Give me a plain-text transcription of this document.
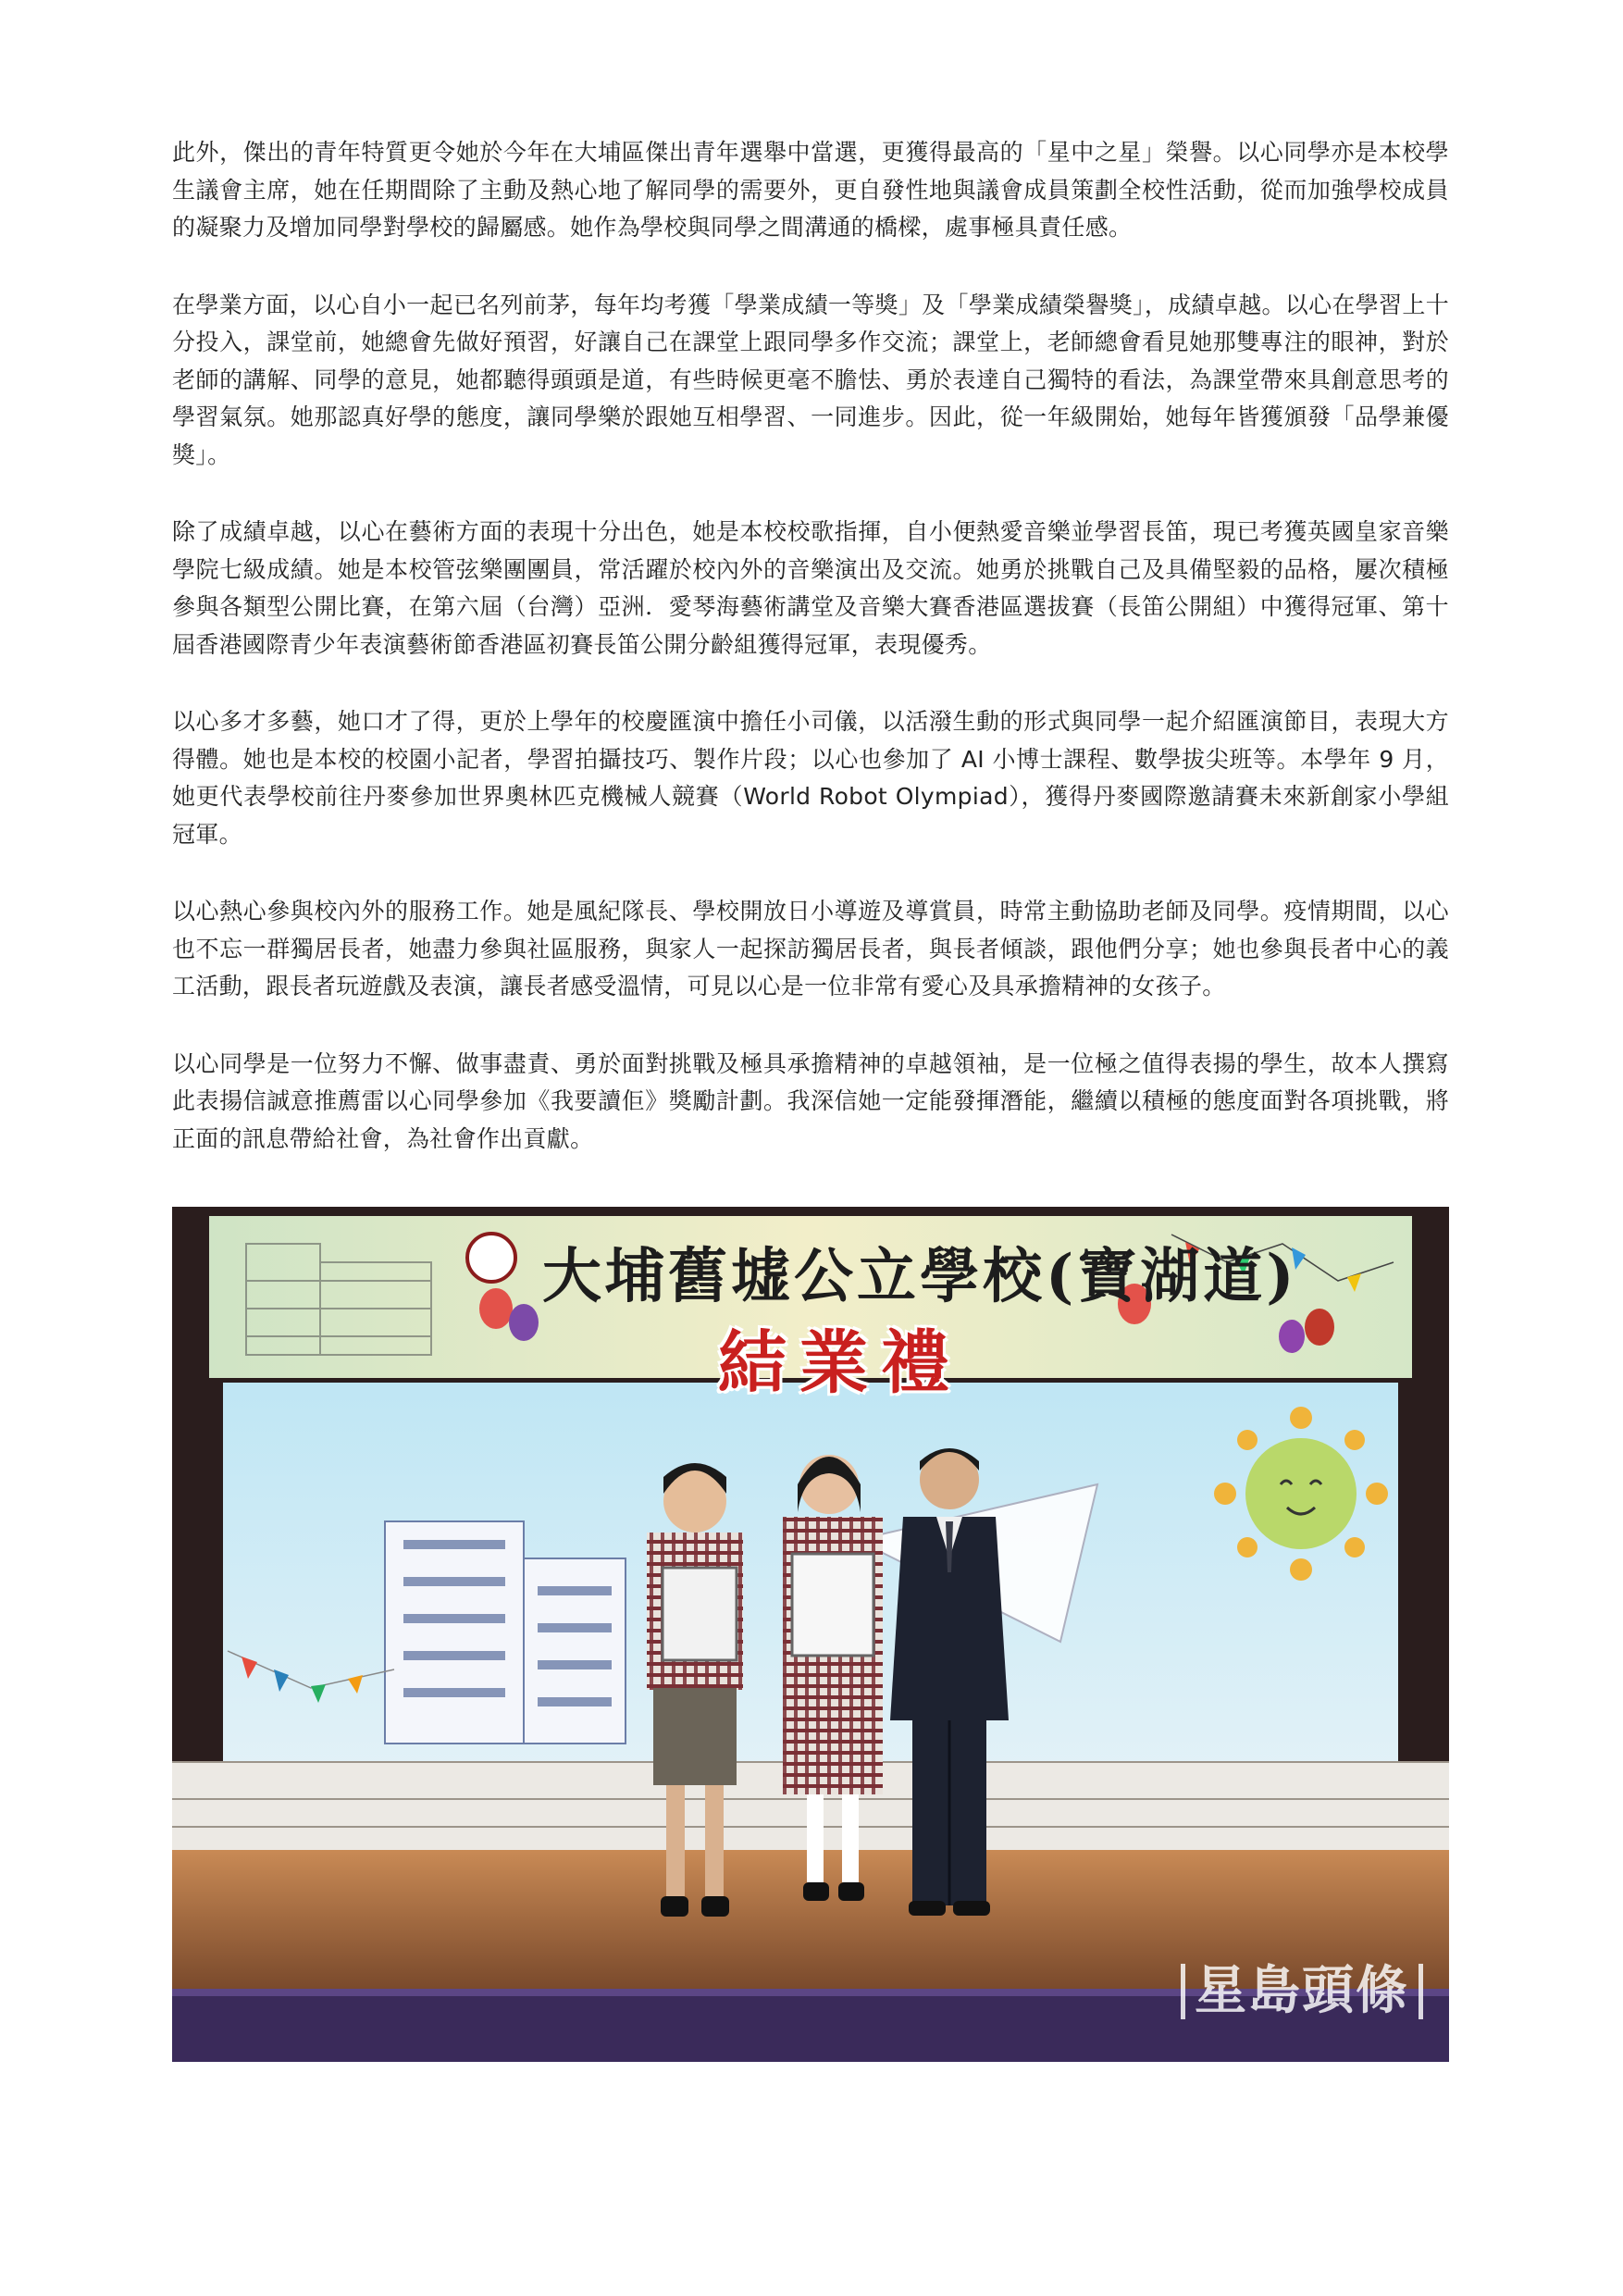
此外，傑出的青年特質更令她於今年在大埔區傑出青年選舉中當選，更獲得最高的「星中之星」榮譽。以心同學亦是本校學生議會主席，她在任期間除了主動及熱心地了解同學的需要外，更自發性地與議會成員策劃全校性活動，從而加強學校成員的凝聚力及增加同學對學校的歸屬感。她作為學校與同學之間溝通的橋樑，處事極具責任感。

在學業方面，以心自小一起已名列前茅，每年均考獲「學業成績一等獎」及「學業成績榮譽獎」，成績卓越。以心在學習上十分投入，課堂前，她總會先做好預習，好讓自己在課堂上跟同學多作交流；課堂上，老師總會看見她那雙專注的眼神，對於老師的講解、同學的意見，她都聽得頭頭是道，有些時候更毫不膽怯、勇於表達自己獨特的看法，為課堂帶來具創意思考的學習氣氛。她那認真好學的態度，讓同學樂於跟她互相學習、一同進步。因此，從一年級開始，她每年皆獲頒發「品學兼優獎」。

除了成績卓越，以心在藝術方面的表現十分出色，她是本校校歌指揮，自小便熱愛音樂並學習長笛，現已考獲英國皇家音樂學院七級成績。她是本校管弦樂團團員，常活躍於校內外的音樂演出及交流。她勇於挑戰自己及具備堅毅的品格，屢次積極參與各類型公開比賽，在第六屆（台灣）亞洲．愛琴海藝術講堂及音樂大賽香港區選拔賽（長笛公開組）中獲得冠軍、第十屆香港國際青少年表演藝術節香港區初賽長笛公開分齡組獲得冠軍，表現優秀。

以心多才多藝，她口才了得，更於上學年的校慶匯演中擔任小司儀，以活潑生動的形式與同學一起介紹匯演節目，表現大方得體。她也是本校的校園小記者，學習拍攝技巧、製作片段；以心也參加了 AI 小博士課程、數學拔尖班等。本學年 9 月，她更代表學校前往丹麥參加世界奧林匹克機械人競賽（World Robot Olympiad），獲得丹麥國際邀請賽未來新創家小學組冠軍。

以心熱心參與校內外的服務工作。她是風紀隊長、學校開放日小導遊及導賞員，時常主動協助老師及同學。疫情期間，以心也不忘一群獨居長者，她盡力參與社區服務，與家人一起探訪獨居長者，與長者傾談，跟他們分享；她也參與長者中心的義工活動，跟長者玩遊戲及表演，讓長者感受溫情，可見以心是一位非常有愛心及具承擔精神的女孩子。

以心同學是一位努力不懈、做事盡責、勇於面對挑戰及極具承擔精神的卓越領袖，是一位極之值得表揚的學生，故本人撰寫此表揚信誠意推薦雷以心同學參加《我要讀佢》獎勵計劃。我深信她一定能發揮潛能，繼續以積極的態度面對各項挑戰，將正面的訊息帶給社會，為社會作出貢獻。

大埔舊墟公立學校(寶湖道)
結業禮
星島頭條
